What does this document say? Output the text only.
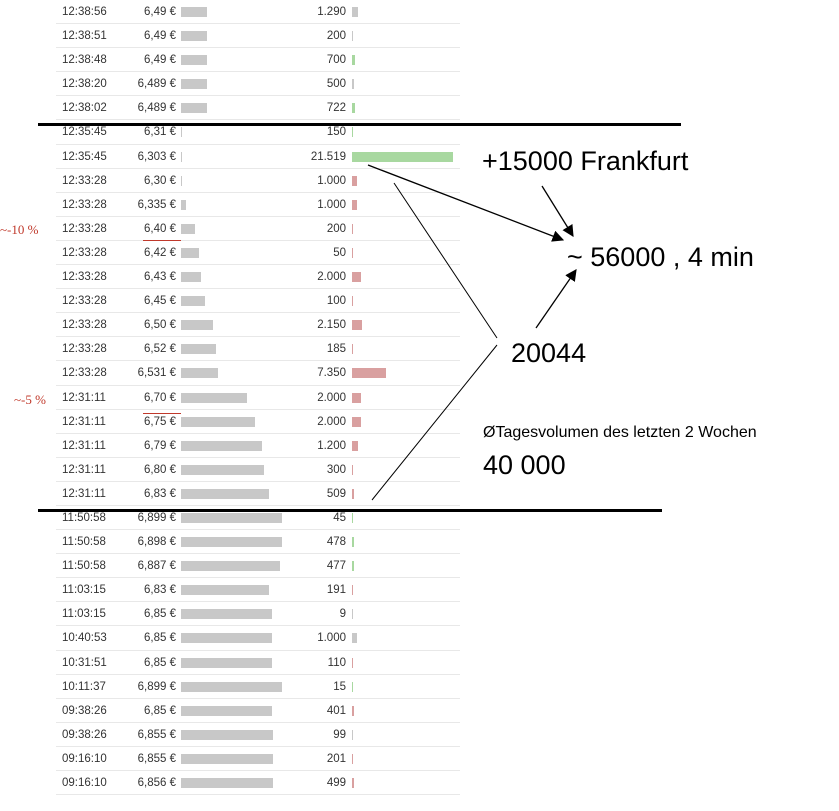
12:38:56	6,49 €	1.290
12:38:51	6,49 €	200
12:38:48	6,49 €	700
12:38:20	6,489 €	500
12:38:02	6,489 €	722
12:35:45	6,31 €	150
12:35:45	6,303 €	21.519
12:33:28	6,30 €	1.000
12:33:28	6,335 €	1.000
12:33:28	6,40 €	200
12:33:28	6,42 €	50
12:33:28	6,43 €	2.000
12:33:28	6,45 €	100
12:33:28	6,50 €	2.150
12:33:28	6,52 €	185
12:33:28	6,531 €	7.350
12:31:11	6,70 €	2.000
12:31:11	6,75 €	2.000
12:31:11	6,79 €	1.200
12:31:11	6,80 €	300
12:31:11	6,83 €	509
11:50:58	6,899 €	45
11:50:58	6,898 €	478
11:50:58	6,887 €	477
11:03:15	6,83 €	191
11:03:15	6,85 €	9
10:40:53	6,85 €	1.000
10:31:51	6,85 €	110
10:11:37	6,899 €	15
09:38:26	6,85 €	401
09:38:26	6,855 €	99
09:16:10	6,855 €	201
09:16:10	6,856 €	499
~-10 %
~-5 %
+15000 Frankfurt
~ 56000 , 4 min
20044
ØTagesvolumen des letzten 2 Wochen
40 000
